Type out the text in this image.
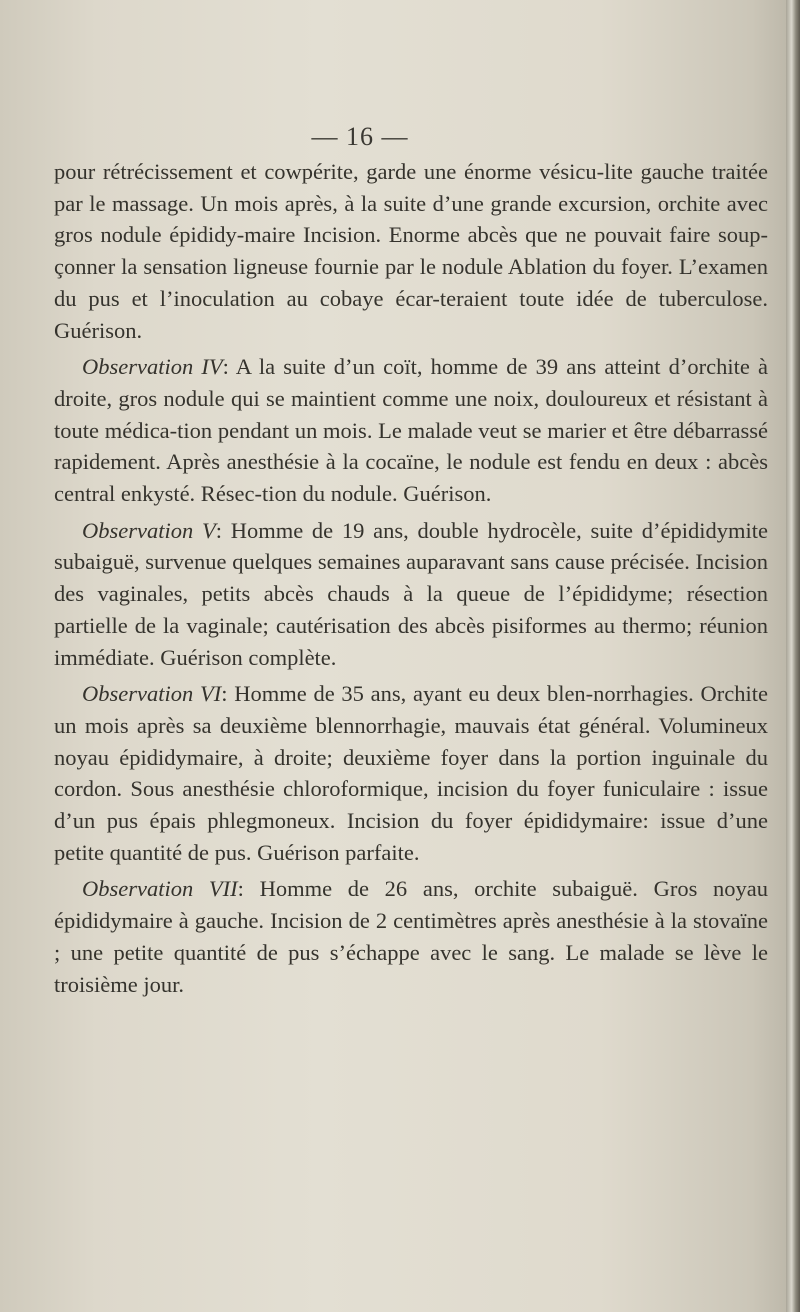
— 16 —

pour rétrécissement et cowpérite, garde une énorme vésicu-lite gauche traitée par le massage. Un mois après, à la suite d’une grande excursion, orchite avec gros nodule épididy-maire Incision. Enorme abcès que ne pouvait faire soup-çonner la sensation ligneuse fournie par le nodule Ablation du foyer. L’examen du pus et l’inoculation au cobaye écar-teraient toute idée de tuberculose. Guérison.

Observation IV: A la suite d’un coït, homme de 39 ans atteint d’orchite à droite, gros nodule qui se maintient comme une noix, douloureux et résistant à toute médica-tion pendant un mois. Le malade veut se marier et être débarrassé rapidement. Après anesthésie à la cocaïne, le nodule est fendu en deux : abcès central enkysté. Résec-tion du nodule. Guérison.

Observation V: Homme de 19 ans, double hydrocèle, suite d’épididymite subaiguë, survenue quelques semaines auparavant sans cause précisée. Incision des vaginales, petits abcès chauds à la queue de l’épididyme; résection partielle de la vaginale; cautérisation des abcès pisiformes au thermo; réunion immédiate. Guérison complète.

Observation VI: Homme de 35 ans, ayant eu deux blen-norrhagies. Orchite un mois après sa deuxième blennorrhagie, mauvais état général. Volumineux noyau épididymaire, à droite; deuxième foyer dans la portion inguinale du cordon. Sous anesthésie chloroformique, incision du foyer funiculaire : issue d’un pus épais phlegmoneux. Incision du foyer épididymaire: issue d’une petite quantité de pus. Guérison parfaite.

Observation VII: Homme de 26 ans, orchite subaiguë. Gros noyau épididymaire à gauche. Incision de 2 centimètres après anesthésie à la stovaïne ; une petite quantité de pus s’échappe avec le sang. Le malade se lève le troisième jour.
